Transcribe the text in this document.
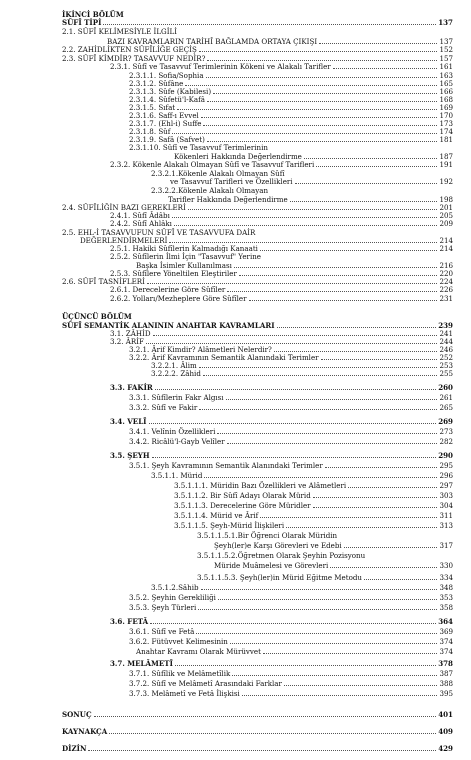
İKİNCİ BÖLÜM
SÛFÎ TİPİ	137
2.1. SÛFÎ KELİMESİYLE İLGİLİ
BAZI KAVRAMLARIN TARİHÎ BAĞLAMDA ORTAYA ÇIKIŞI	137
2.2. ZAHİDLİKTEN SÛFÎLİĞE GEÇİŞ	152
2.3. SÛFÎ KİMDİR? TASAVVUF NEDİR?	157
2.3.1. Sûfî ve Tasavvuf Terimlerinin Kökeni ve Alakalı Tarifler	161
2.3.1.1. Sofia/Sophia	163
2.3.1.2. Sûfâne	165
2.3.1.3. Sûfe (Kabilesi)	166
2.3.1.4. Sûfetü'l-Kafâ	168
2.3.1.5. Sıfat	169
2.3.1.6. Saff-ı Evvel	170
2.3.1.7. (Ehl-i) Suffe	173
2.3.1.8. Sûf	174
2.3.1.9. Safâ (Safvet)	181
2.3.1.10. Sûfî ve Tasavvuf Terimlerinin
Kökenleri Hakkında Değerlendirme	187
2.3.2. Kökenle Alakalı Olmayan Sûfî ve Tasavvuf Tarifleri	191
2.3.2.1.Kökenle Alakalı Olmayan Sûfî
ve Tasavvuf Tarifleri ve Özellikleri	192
2.3.2.2.Kökenle Alakalı Olmayan
Tarifler Hakkında Değerlendirme	198
2.4. SÛFÎLİĞİN BAZI GEREKLERİ	201
2.4.1. Sûfî Âdâbı	205
2.4.2. Sûfî Ahlâkı	209
2.5. EHL-İ TASAVVUFUN SÛFÎ VE TASAVVUFA DAİR
DEĞERLENDİRMELERİ	214
2.5.1. Hakiki Sûfîlerin Kalmadığı Kanaati	214
2.5.2. Sûfîlerin İlmi İçin "Tasavvuf" Yerine
Başka İsimler Kullanılması	216
2.5.3. Sûfîlere Yöneltilen Eleştiriler	220
2.6. SÛFÎ TASNİFLERİ	224
2.6.1. Derecelerine Göre Sûfîler	226
2.6.2. Yolları/Mezheplere Göre Sûfîler	231
ÜÇÜNCÜ BÖLÜM
SÛFÎ SEMANTİK ALANININ ANAHTAR KAVRAMLARI	239
3.1. ZÂHİD	241
3.2. ÂRİF	244
3.2.1. Ârif Kimdir? Alâmetleri Nelerdir?	246
3.2.2. Ârif Kavramının Semantik Alanındaki Terimler	252
3.2.2.1. Âlim	253
3.2.2.2. Zâhid	255
3.3. FAKİR	260
3.3.1. Sûfîlerin Fakr Algısı	261
3.3.2. Sûfî ve Fakir	265
3.4. VELÎ	269
3.4.1. Velînin Özellikleri	273
3.4.2. Ricâlü'l-Gayb Velîler	282
3.5. ŞEYH	290
3.5.1. Şeyh Kavramının Semantik Alanındaki Terimler	295
3.5.1.1. Mürid	296
3.5.1.1.1. Müridin Bazı Özellikleri ve Alâmetleri	297
3.5.1.1.2. Bir Sûfî Adayı Olarak Mürid	303
3.5.1.1.3. Derecelerine Göre Müridler	304
3.5.1.1.4. Mürid ve Ârif	311
3.5.1.1.5. Şeyh-Mürid İlişkileri	313
3.5.1.1.5.1.Bir Öğrenci Olarak Müridin
Şeyh(ler)e Karşı Görevleri ve Edebi	317
3.5.1.1.5.2.Öğretmen Olarak Şeyhin Pozisyonu
Müride Muâmelesi ve Görevleri	330
3.5.1.1.5.3. Şeyh(ler)in Mürid Eğitme Metodu	334
3.5.1.2.Sâhib	348
3.5.2. Şeyhin Gerekliliği	353
3.5.3. Şeyh Türleri	358
3.6. FETÂ	364
3.6.1. Sûfî ve Fetâ	369
3.6.2. Fütüvvet Kelimesinin	374
Anahtar Kavramı Olarak Mürüvvet	374
3.7. MELÂMETÎ	378
3.7.1. Sûfîlik ve Melâmetîlik	387
3.7.2. Sûfî ve Melâmetî Arasındaki Farklar	388
3.7.3. Melâmetî ve Fetâ İlişkisi	395
SONUÇ	401
KAYNAKÇA	409
DİZİN	429
